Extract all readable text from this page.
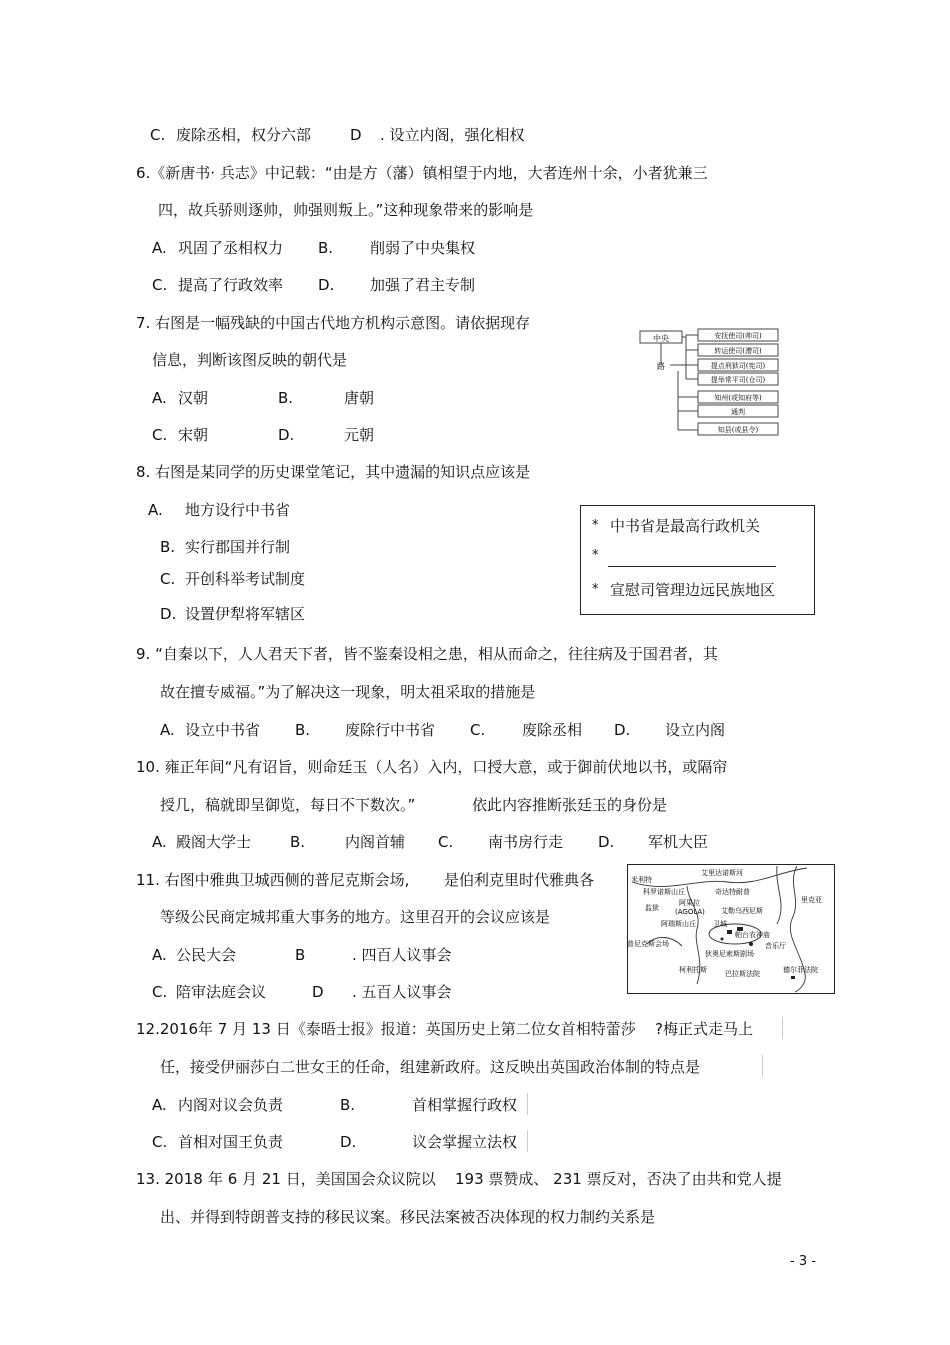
C. 废除丞相，权分六部	D . 设立内阁，强化相权
6.《新唐书· 兵志》中记载：“由是方（藩）镇相望于内地，大者连州十余，小者犹兼三
四，故兵骄则逐帅，帅强则叛上。”这种现象带来的影响是
A. 巩固了丞相权力 B. 削弱了中央集权
C. 提高了行政效率 D. 加强了君主专制
7. 右图是一幅残缺的中国古代地方机构示意图。请依据现存
信息，判断该图反映的朝代是
A. 汉朝	B.	唐朝
C. 宋朝	D.	元朝
中央
路
安抚使司(帅司)
转运使司(漕司)
提点刑狱司(宪司)
提举常平司(仓司)
知州(或知府等)
通判
知县(或县令)
8. 右图是某同学的历史课堂笔记，其中遗漏的知识点应该是
A. 地方设行中书省
B. 实行郡国并行制
C. 开创科举考试制度
D. 设置伊犁将军辖区
* 中书省是最高行政机关
*
* 宣慰司管理边远民族地区
9. “自秦以下，人人君天下者，皆不鉴秦设相之患，相从而命之，往往病及于国君者，其
故在擅专威福。”为了解决这一现象，明太祖采取的措施是
A. 设立中书省 B. 废除行中书省 C. 废除丞相 D. 设立内阁
10. 雍正年间“凡有诏旨，则命廷玉（人名）入内，口授大意，或于御前伏地以书，或隔帘
授几，稿就即呈御览，每日不下数次。”	依此内容推断张廷玉的身份是
A. 殿阁大学士	B.	内阁首辅 C. 南书房行走 D. 军机大臣
11. 右图中雅典卫城西侧的普尼克斯会场, 是伯利克里时代雅典各
等级公民商定城邦重大事务的地方。这里召开的会议应该是
A. 公民大会	B	. 四百人议事会
C. 陪审法庭会议	D . 五百人议事会
艾里达诺斯河
米利特
科罗诺斯山丘	奇达特耐普
里克亚
监狱
阿果拉
(AGOLA) 艾勒乌西尼斯
阿瑞斯山丘 卫城
帕台农神庙
普尼克斯会场
狄奥尼索斯剧场
音乐厅
柯利托斯	巴拉斯法院	德尔菲法院
12.2016 年 7 月 13 日《泰晤士报》报道：英国历史上第二位女首相特蕾莎 ?梅正式走马上
任，接受伊丽莎白二世女王的任命，组建新政府。这反映出英国政治体制的特点是
A. 内阁对议会负责	B.	首相掌握行政权
C. 首相对国王负责	D.	议会掌握立法权
13. 2018 年 6 月 21 日，美国国会众议院以 193 票赞成、 231 票反对，否决了由共和党人提
出、并得到特朗普支持的移民议案。移民法案被否决体现的权力制约关系是
- 3 -
